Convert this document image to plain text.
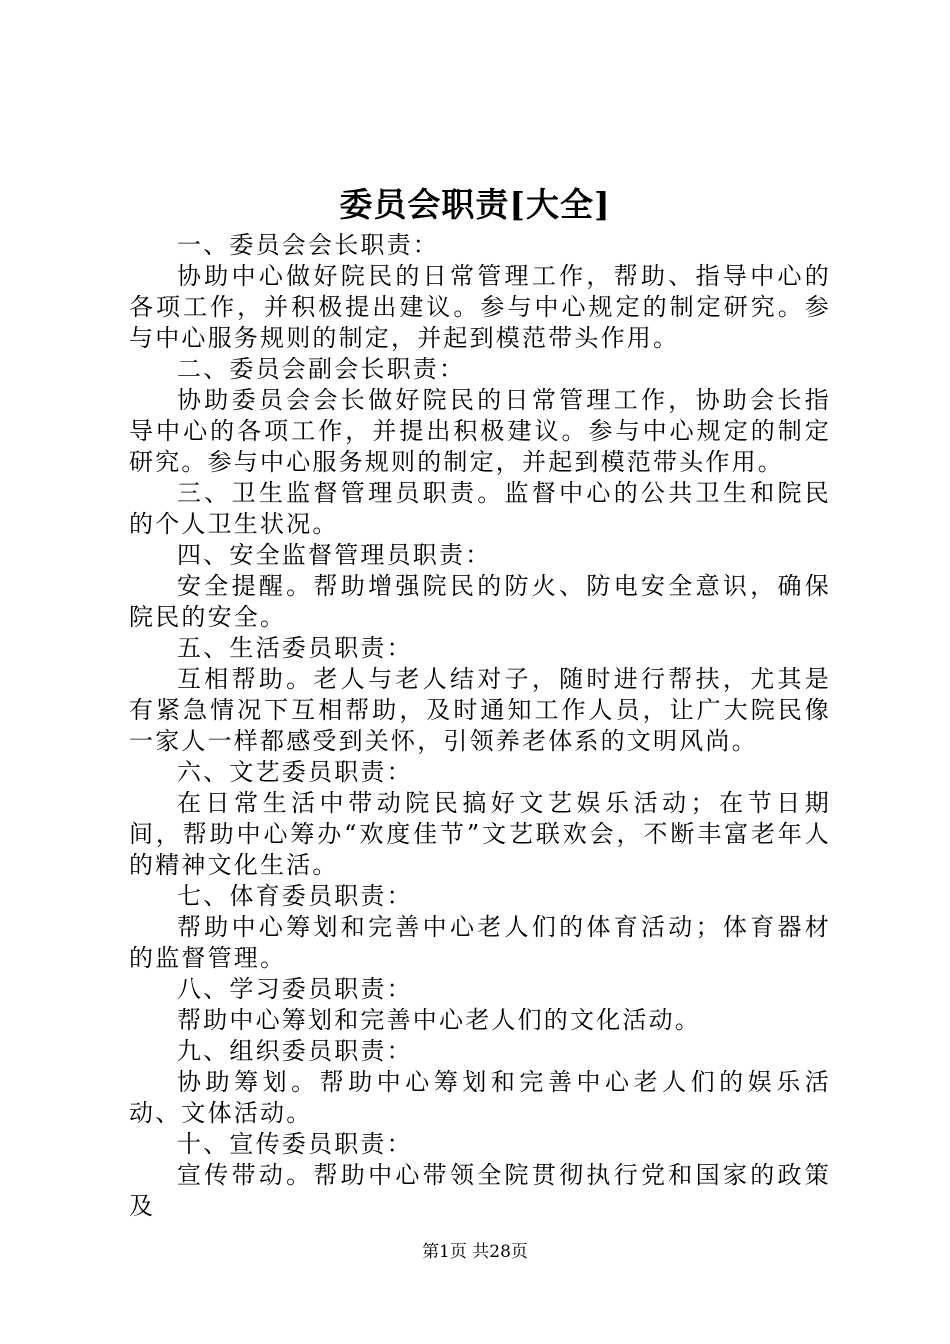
委员会职责[大全]

一、委员会会长职责：

协助中心做好院民的日常管理工作，帮助、指导中心的各项工作，并积极提出建议。参与中心规定的制定研究。参与中心服务规则的制定，并起到模范带头作用。

二、委员会副会长职责：

协助委员会会长做好院民的日常管理工作，协助会长指导中心的各项工作，并提出积极建议。参与中心规定的制定研究。参与中心服务规则的制定，并起到模范带头作用。

三、卫生监督管理员职责。监督中心的公共卫生和院民的个人卫生状况。

四、安全监督管理员职责：

安全提醒。帮助增强院民的防火、防电安全意识，确保院民的安全。

五、生活委员职责：

互相帮助。老人与老人结对子，随时进行帮扶，尤其是有紧急情况下互相帮助，及时通知工作人员，让广大院民像一家人一样都感受到关怀，引领养老体系的文明风尚。

六、文艺委员职责：

在日常生活中带动院民搞好文艺娱乐活动；在节日期间，帮助中心筹办“欢度佳节”文艺联欢会，不断丰富老年人的精神文化生活。

七、体育委员职责：

帮助中心筹划和完善中心老人们的体育活动；体育器材的监督管理。

八、学习委员职责：

帮助中心筹划和完善中心老人们的文化活动。

九、组织委员职责：

协助筹划。帮助中心筹划和完善中心老人们的娱乐活动、文体活动。

十、宣传委员职责：

宣传带动。帮助中心带领全院贯彻执行党和国家的政策及

第1页 共28页
